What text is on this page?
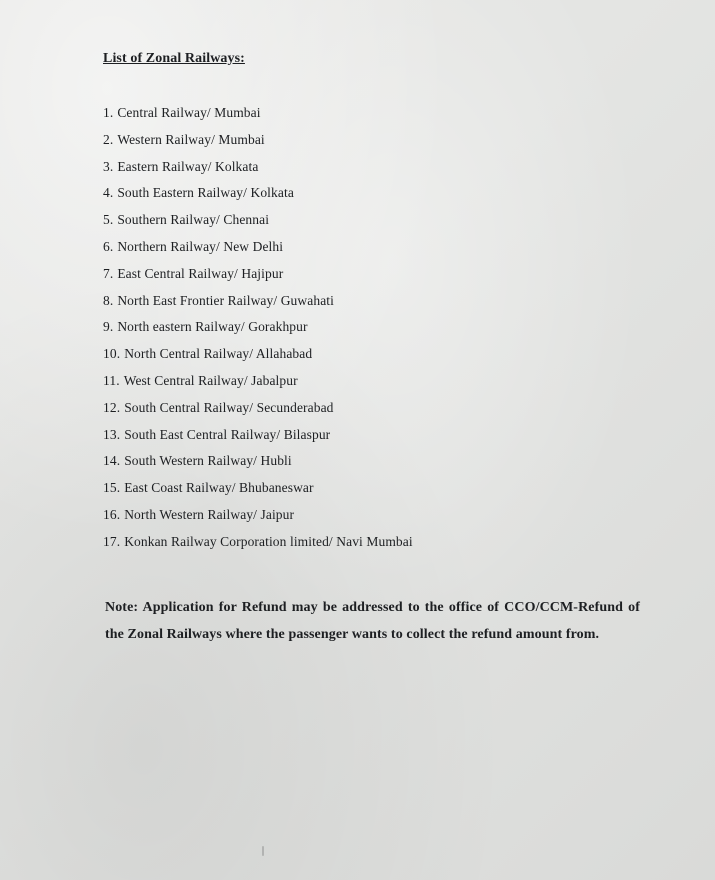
List of Zonal Railways:
1. Central Railway/ Mumbai
2. Western Railway/ Mumbai
3. Eastern Railway/ Kolkata
4. South Eastern Railway/ Kolkata
5. Southern Railway/ Chennai
6. Northern Railway/ New Delhi
7. East Central Railway/ Hajipur
8. North East Frontier Railway/ Guwahati
9. North eastern Railway/ Gorakhpur
10. North Central Railway/ Allahabad
11. West Central Railway/ Jabalpur
12. South Central Railway/ Secunderabad
13. South East Central Railway/ Bilaspur
14. South Western Railway/ Hubli
15. East Coast Railway/ Bhubaneswar
16. North Western Railway/ Jaipur
17. Konkan Railway Corporation limited/ Navi Mumbai

Note: Application for Refund may be addressed to the office of CCO/CCM-Refund of the Zonal Railways where the passenger wants to collect the refund amount from.
